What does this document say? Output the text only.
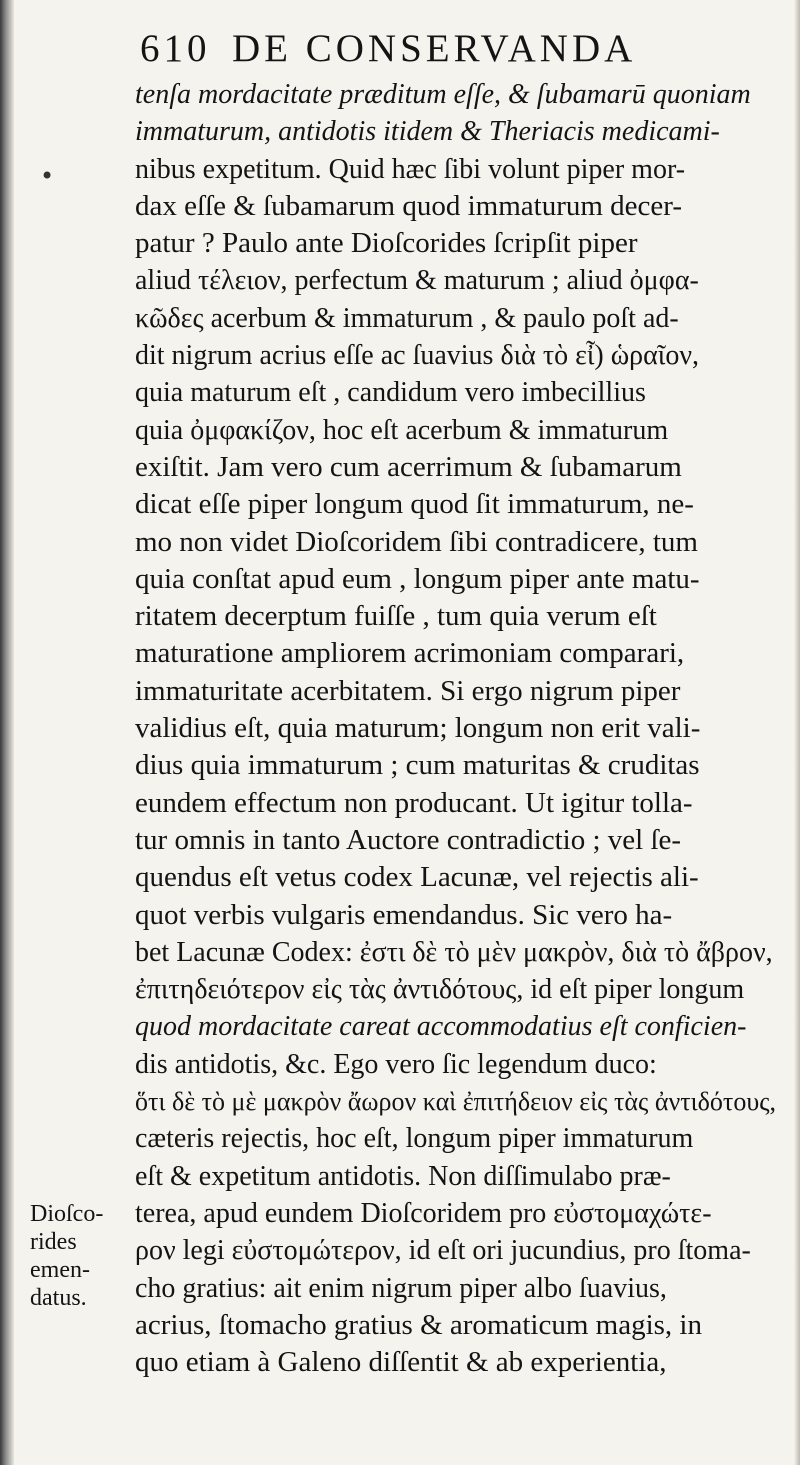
610 DE CONSERVANDA
•
tenſa mordacitate præditum eſſe, & ſubamarū quoniam
immaturum, antidotis itidem & Theriacis medicami-
nibus expetitum. Quid hæc ſibi volunt piper mor-
dax eſſe & ſubamarum quod immaturum decer-
patur ? Paulo ante Dioſcorides ſcripſit piper
aliud τέλειον, perfectum & maturum ; aliud ὀμφα-
κῶδες acerbum & immaturum , & paulo poſt ad-
dit nigrum acrius eſſe ac ſuavius διὰ τὸ εἶ) ὡραῖον,
quia maturum eſt , candidum vero imbecillius
quia ὀμφακίζον, hoc eſt acerbum & immaturum
exiſtit. Jam vero cum acerrimum & ſubamarum
dicat eſſe piper longum quod ſit immaturum, ne-
mo non videt Dioſcoridem ſibi contradicere, tum
quia conſtat apud eum , longum piper ante matu-
ritatem decerptum fuiſſe , tum quia verum eſt
maturatione ampliorem acrimoniam comparari,
immaturitate acerbitatem. Si ergo nigrum piper
validius eſt, quia maturum; longum non erit vali-
dius quia immaturum ; cum maturitas & cruditas
eundem effectum non producant. Ut igitur tolla-
tur omnis in tanto Auctore contradictio ; vel ſe-
quendus eſt vetus codex Lacunæ, vel rejectis ali-
quot verbis vulgaris emendandus. Sic vero ha-
bet Lacunæ Codex: ἐστι δὲ τὸ μὲν μακρὸν, διὰ τὸ ἄβρον,
ἐπιτηδειότερον εἰς τὰς ἀντιδότους, id eſt piper longum
quod mordacitate careat accommodatius eſt conficien-
dis antidotis, &c. Ego vero ſic legendum duco:
ὅτι δὲ τὸ μὲ μακρὸν ἄωρον καὶ ἐπιτήδειον εἰς τὰς ἀντιδότους,
cæteris rejectis, hoc eſt, longum piper immaturum
eſt & expetitum antidotis. Non diſſimulabo præ-
terea, apud eundem Dioſcoridem pro εὐστομαχώτε-
ρον legi εὐστομώτερον, id eſt ori jucundius, pro ſtoma-
cho gratius: ait enim nigrum piper albo ſuavius,
acrius, ſtomacho gratius & aromaticum magis, in
quo etiam à Galeno diſſentit & ab experientia,
Dioſco-
rides
emen-
datus.
